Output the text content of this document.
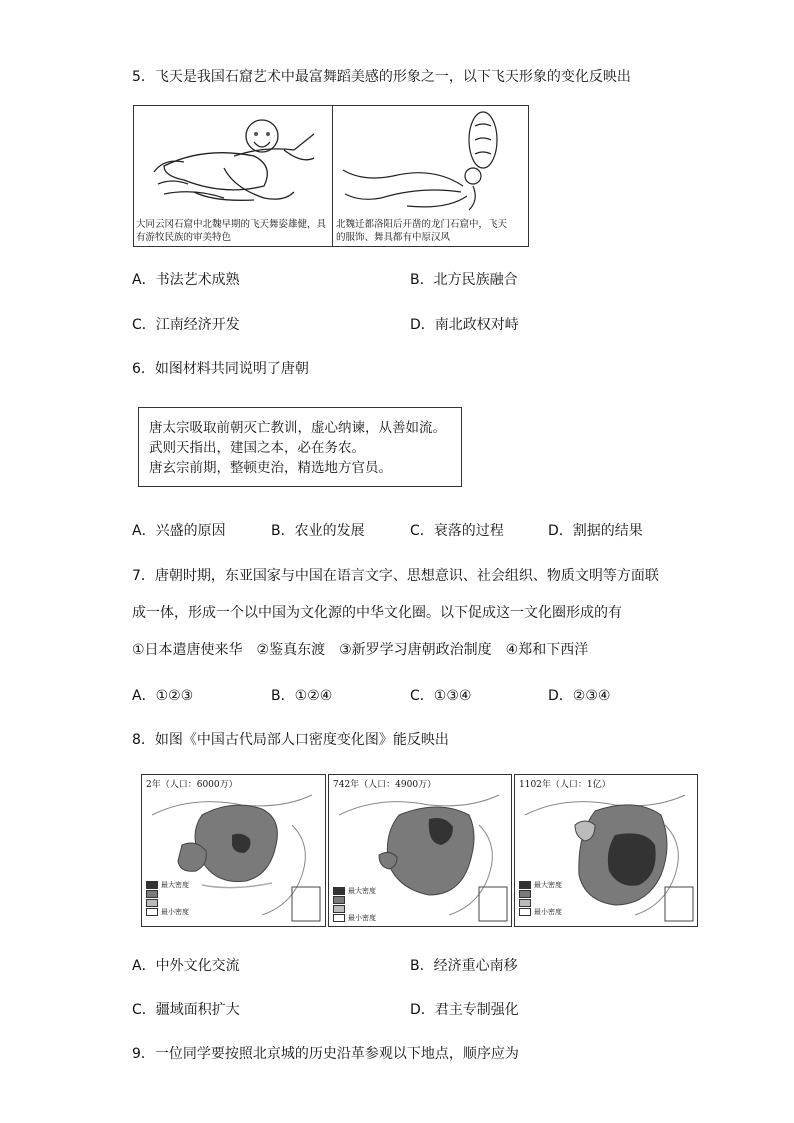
5．飞天是我国石窟艺术中最富舞蹈美感的形象之一，以下飞天形象的变化反映出
大同云冈石窟中北魏早期的飞天舞姿雄健，具
有游牧民族的审美特色
北魏迁都洛阳后开凿的龙门石窟中，飞天
的服饰、舞具都有中原汉风
A．书法艺术成熟	B．北方民族融合
C．江南经济开发	D．南北政权对峙
6．如图材料共同说明了唐朝
唐太宗吸取前朝灭亡教训，虚心纳谏，从善如流。
武则天指出，建国之本，必在务农。
唐玄宗前期，整顿吏治，精选地方官员。
A．兴盛的原因	B．农业的发展	C．衰落的过程	D．割据的结果
7．唐朝时期，东亚国家与中国在语言文字、思想意识、社会组织、物质文明等方面联
成一体，形成一个以中国为文化源的中华文化圈。以下促成这一文化圈形成的有
①日本遣唐使来华　②鉴真东渡　③新罗学习唐朝政治制度　④郑和下西洋
A．①②③	B．①②④	C．①③④	D．②③④
8．如图《中国古代局部人口密度变化图》能反映出
2年（人口：6000万）
最大密度
最小密度
742年（人口：4900万）
最大密度
最小密度
1102年（人口：1亿）
最大密度
最小密度
A．中外文化交流	B．经济重心南移
C．疆域面积扩大	D．君主专制强化
9．一位同学要按照北京城的历史沿革参观以下地点，顺序应为
